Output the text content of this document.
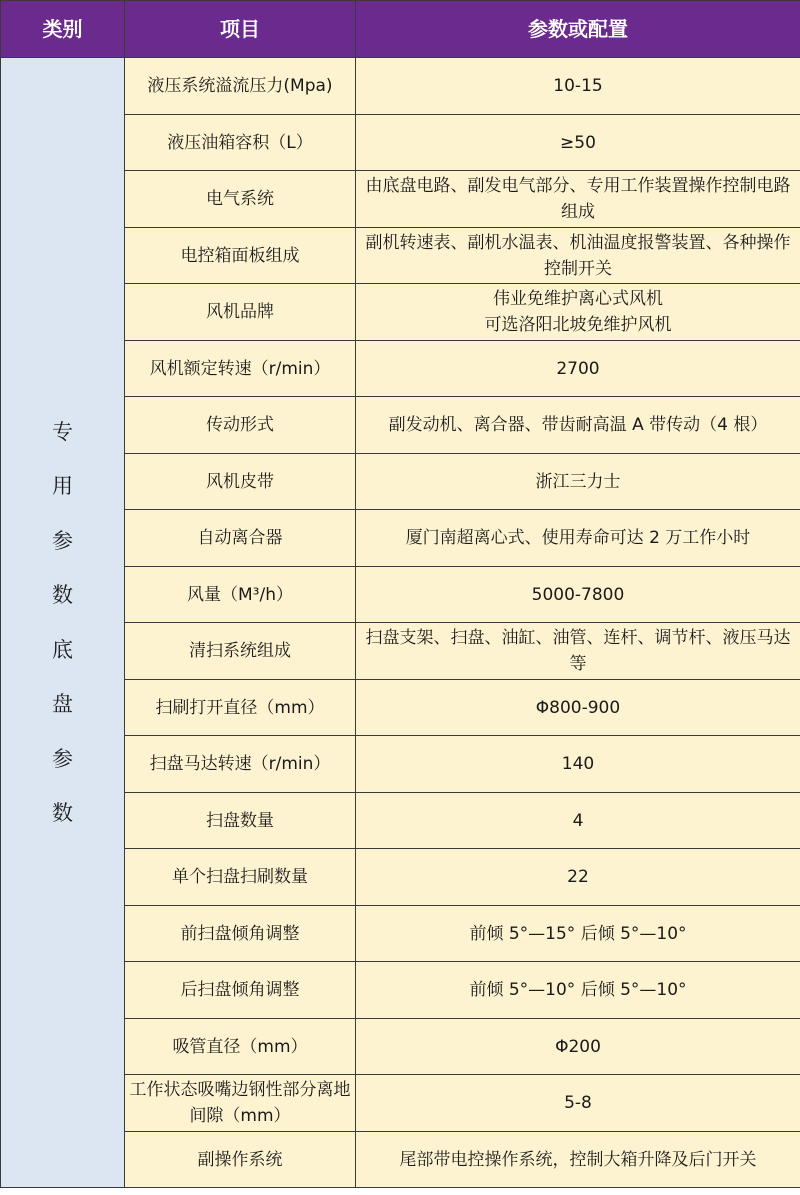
类别	项目	参数或配置
专用参数底盘参数	液压系统溢流压力(Mpa)	10-15
	液压油箱容积（L）	≥50
	电气系统	由底盘电路、副发电气部分、专用工作装置操作控制电路组成
	电控箱面板组成	副机转速表、副机水温表、机油温度报警装置、各种操作控制开关
	风机品牌	伟业免维护离心式风机
可选洛阳北坡免维护风机
	风机额定转速（r/min）	2700
	传动形式	副发动机、离合器、带齿耐高温 A 带传动（4 根）
	风机皮带	浙江三力士
	自动离合器	厦门南超离心式、使用寿命可达 2 万工作小时
	风量（M³/h）	5000-7800
	清扫系统组成	扫盘支架、扫盘、油缸、油管、连杆、调节杆、液压马达等
	扫刷打开直径（mm）	Φ800-900
	扫盘马达转速（r/min）	140
	扫盘数量	4
	单个扫盘扫刷数量	22
	前扫盘倾角调整	前倾 5°—15° 后倾 5°—10°
	后扫盘倾角调整	前倾 5°—10° 后倾 5°—10°
	吸管直径（mm）	Φ200
	工作状态吸嘴边钢性部分离地间隙（mm）	5-8
	副操作系统	尾部带电控操作系统，控制大箱升降及后门开关
